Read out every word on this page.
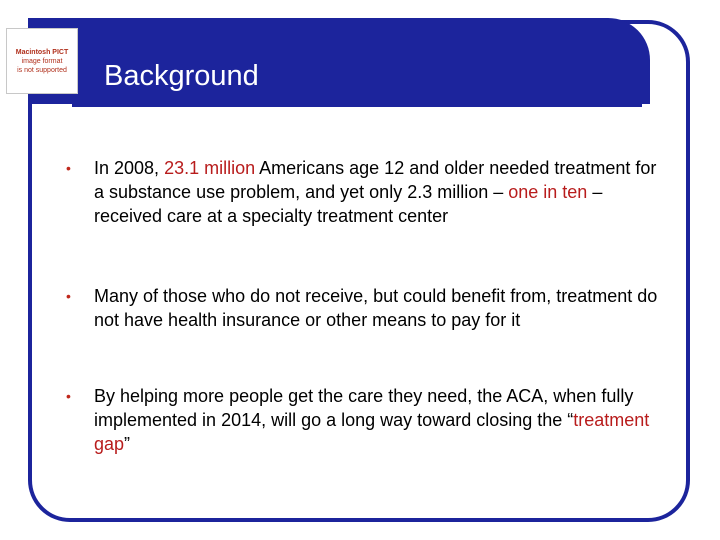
Macintosh PICT
image format
is not supported Background
• In 2008, 23.1 million Americans age 12 and older needed treatment for a substance use problem, and yet only 2.3 million – one in ten – received care at a specialty treatment center
• Many of those who do not receive, but could benefit from, treatment do not have health insurance or other means to pay for it
• By helping more people get the care they need, the ACA, when fully implemented in 2014, will go a long way toward closing the “treatment gap”
